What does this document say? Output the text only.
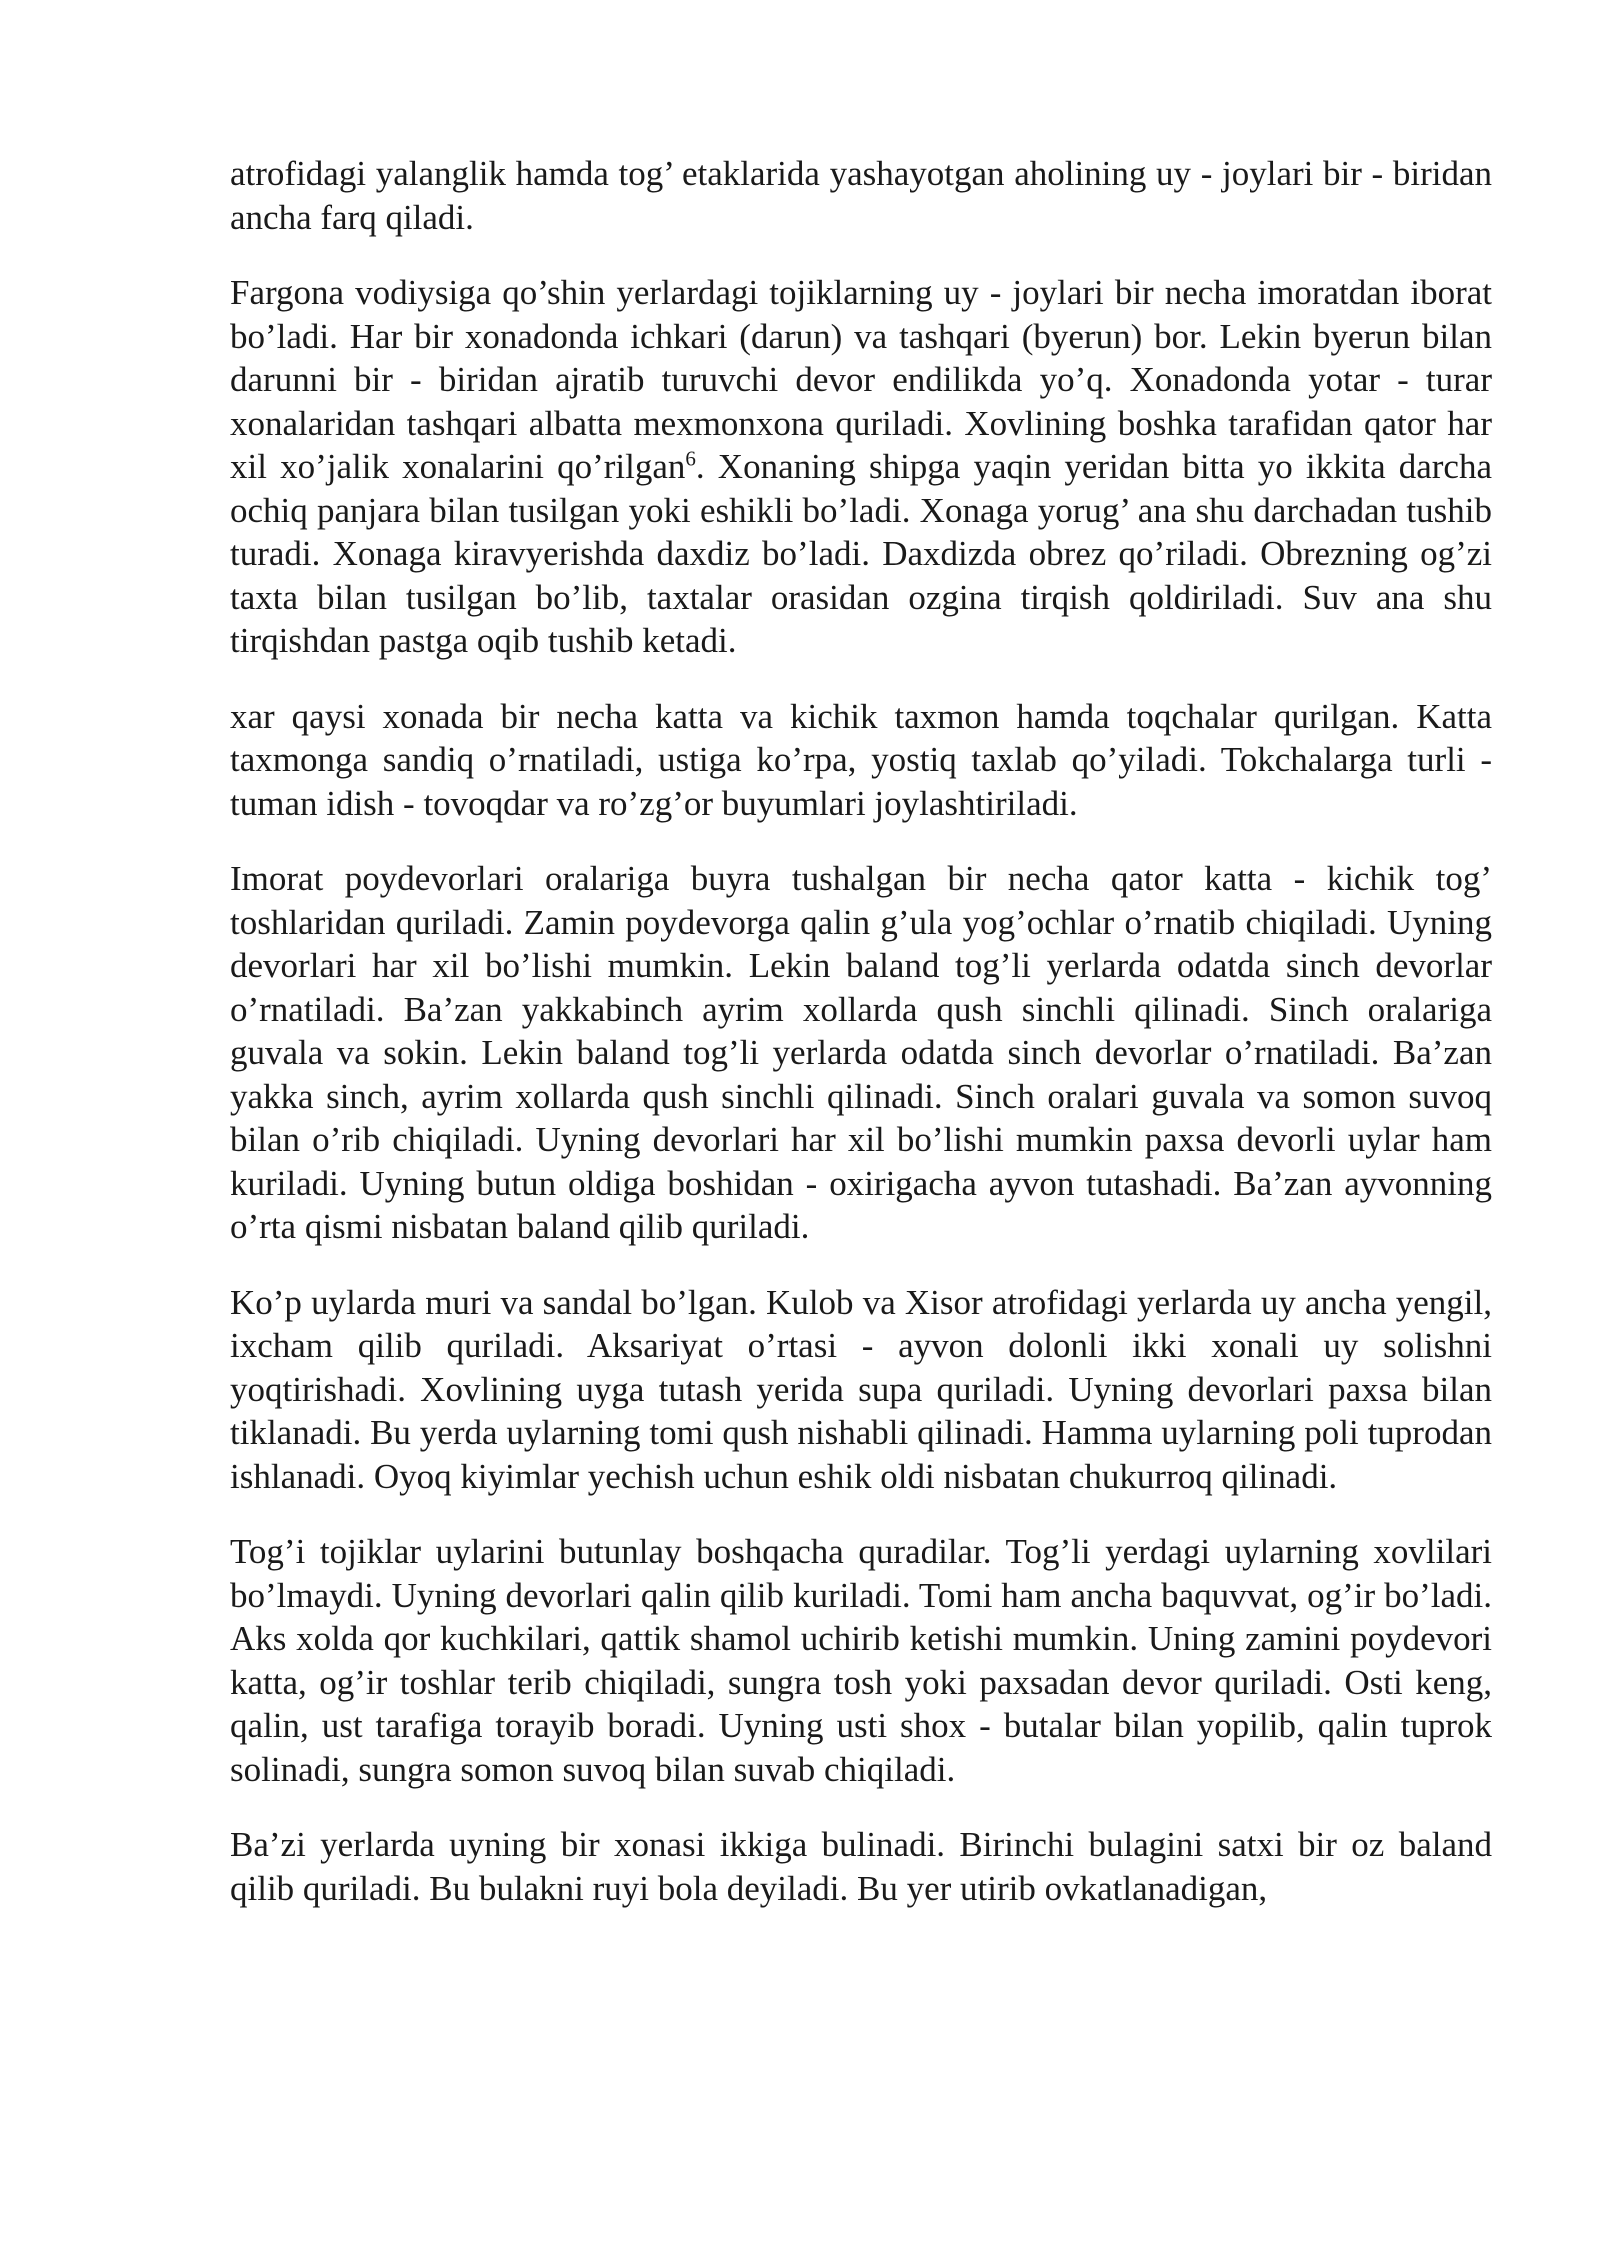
atrofidagi yalanglik hamda tog’ etaklarida yashayotgan aholining uy - joylari bir - biridan ancha farq qiladi.

Fargona vodiysiga qo’shin yerlardagi tojiklarning uy - joylari bir necha imoratdan iborat bo’ladi. Har bir xonadonda ichkari (darun) va tashqari (byerun) bor. Lekin byerun bilan darunni bir - biridan ajratib turuvchi devor endilikda yo’q. Xonadonda yotar - turar xonalaridan tashqari albatta mexmonxona quriladi. Xovlining boshka tarafidan qator har xil xo’jalik xonalarini qo’rilgan$^6$. Xonaning shipga yaqin yeridan bitta yo ikkita darcha ochiq panjara bilan tusilgan yoki eshikli bo’ladi. Xonaga yorug’ ana shu darchadan tushib turadi. Xonaga kiravyerishda daxdiz bo’ladi. Daxdizda obrez qo’riladi. Obrezning og’zi taxta bilan tusilgan bo’lib, taxtalar orasidan ozgina tirqish qoldiriladi. Suv ana shu tirqishdan pastga oqib tushib ketadi.

xar qaysi xonada bir necha katta va kichik taxmon hamda toqchalar qurilgan. Katta taxmonga sandiq o’rnatiladi, ustiga ko’rpa, yostiq taxlab qo’yiladi. Tokchalarga turli - tuman idish - tovoqdar va ro’zg’or buyumlari joylashtiriladi.

Imorat poydevorlari oralariga buyra tushalgan bir necha qator katta - kichik tog’ toshlaridan quriladi. Zamin poydevorga qalin g’ula yog’ochlar o’rnatib chiqiladi. Uyning devorlari har xil bo’lishi mumkin. Lekin baland tog’li yerlarda odatda sinch devorlar o’rnatiladi. Ba’zan yakkabinch ayrim xollarda qush sinchli qilinadi. Sinch oralariga guvala va sokin. Lekin baland tog’li yerlarda odatda sinch devorlar o’rnatiladi. Ba’zan yakka sinch, ayrim xollarda qush sinchli qilinadi. Sinch oralari guvala va somon suvoq bilan o’rib chiqiladi. Uyning devorlari har xil bo’lishi mumkin paxsa devorli uylar ham kuriladi. Uyning butun oldiga boshidan - oxirigacha ayvon tutashadi. Ba’zan ayvonning o’rta qismi nisbatan baland qilib quriladi.

Ko’p uylarda muri va sandal bo’lgan. Kulob va Xisor atrofidagi yerlarda uy ancha yengil, ixcham qilib quriladi. Aksariyat o’rtasi - ayvon dolonli ikki xonali uy solishni yoqtirishadi. Xovlining uyga tutash yerida supa quriladi. Uyning devorlari paxsa bilan tiklanadi. Bu yerda uylarning tomi qush nishabli qilinadi. Hamma uylarning poli tuprodan ishlanadi. Oyoq kiyimlar yechish uchun eshik oldi nisbatan chukurroq qilinadi.

Tog’i tojiklar uylarini butunlay boshqacha quradilar. Tog’li yerdagi uylarning xovlilari bo’lmaydi. Uyning devorlari qalin qilib kuriladi. Tomi ham ancha baquvvat, og’ir bo’ladi. Aks xolda qor kuchkilari, qattik shamol uchirib ketishi mumkin. Uning zamini poydevori katta, og’ir toshlar terib chiqiladi, sungra tosh yoki paxsadan devor quriladi. Osti keng, qalin, ust tarafiga torayib boradi. Uyning usti shox - butalar bilan yopilib, qalin tuprok solinadi, sungra somon suvoq bilan suvab chiqiladi.

Ba’zi yerlarda uyning bir xonasi ikkiga bulinadi. Birinchi bulagini satxi bir oz baland qilib quriladi. Bu bulakni ruyi bola deyiladi. Bu yer utirib ovkatlanadigan,
